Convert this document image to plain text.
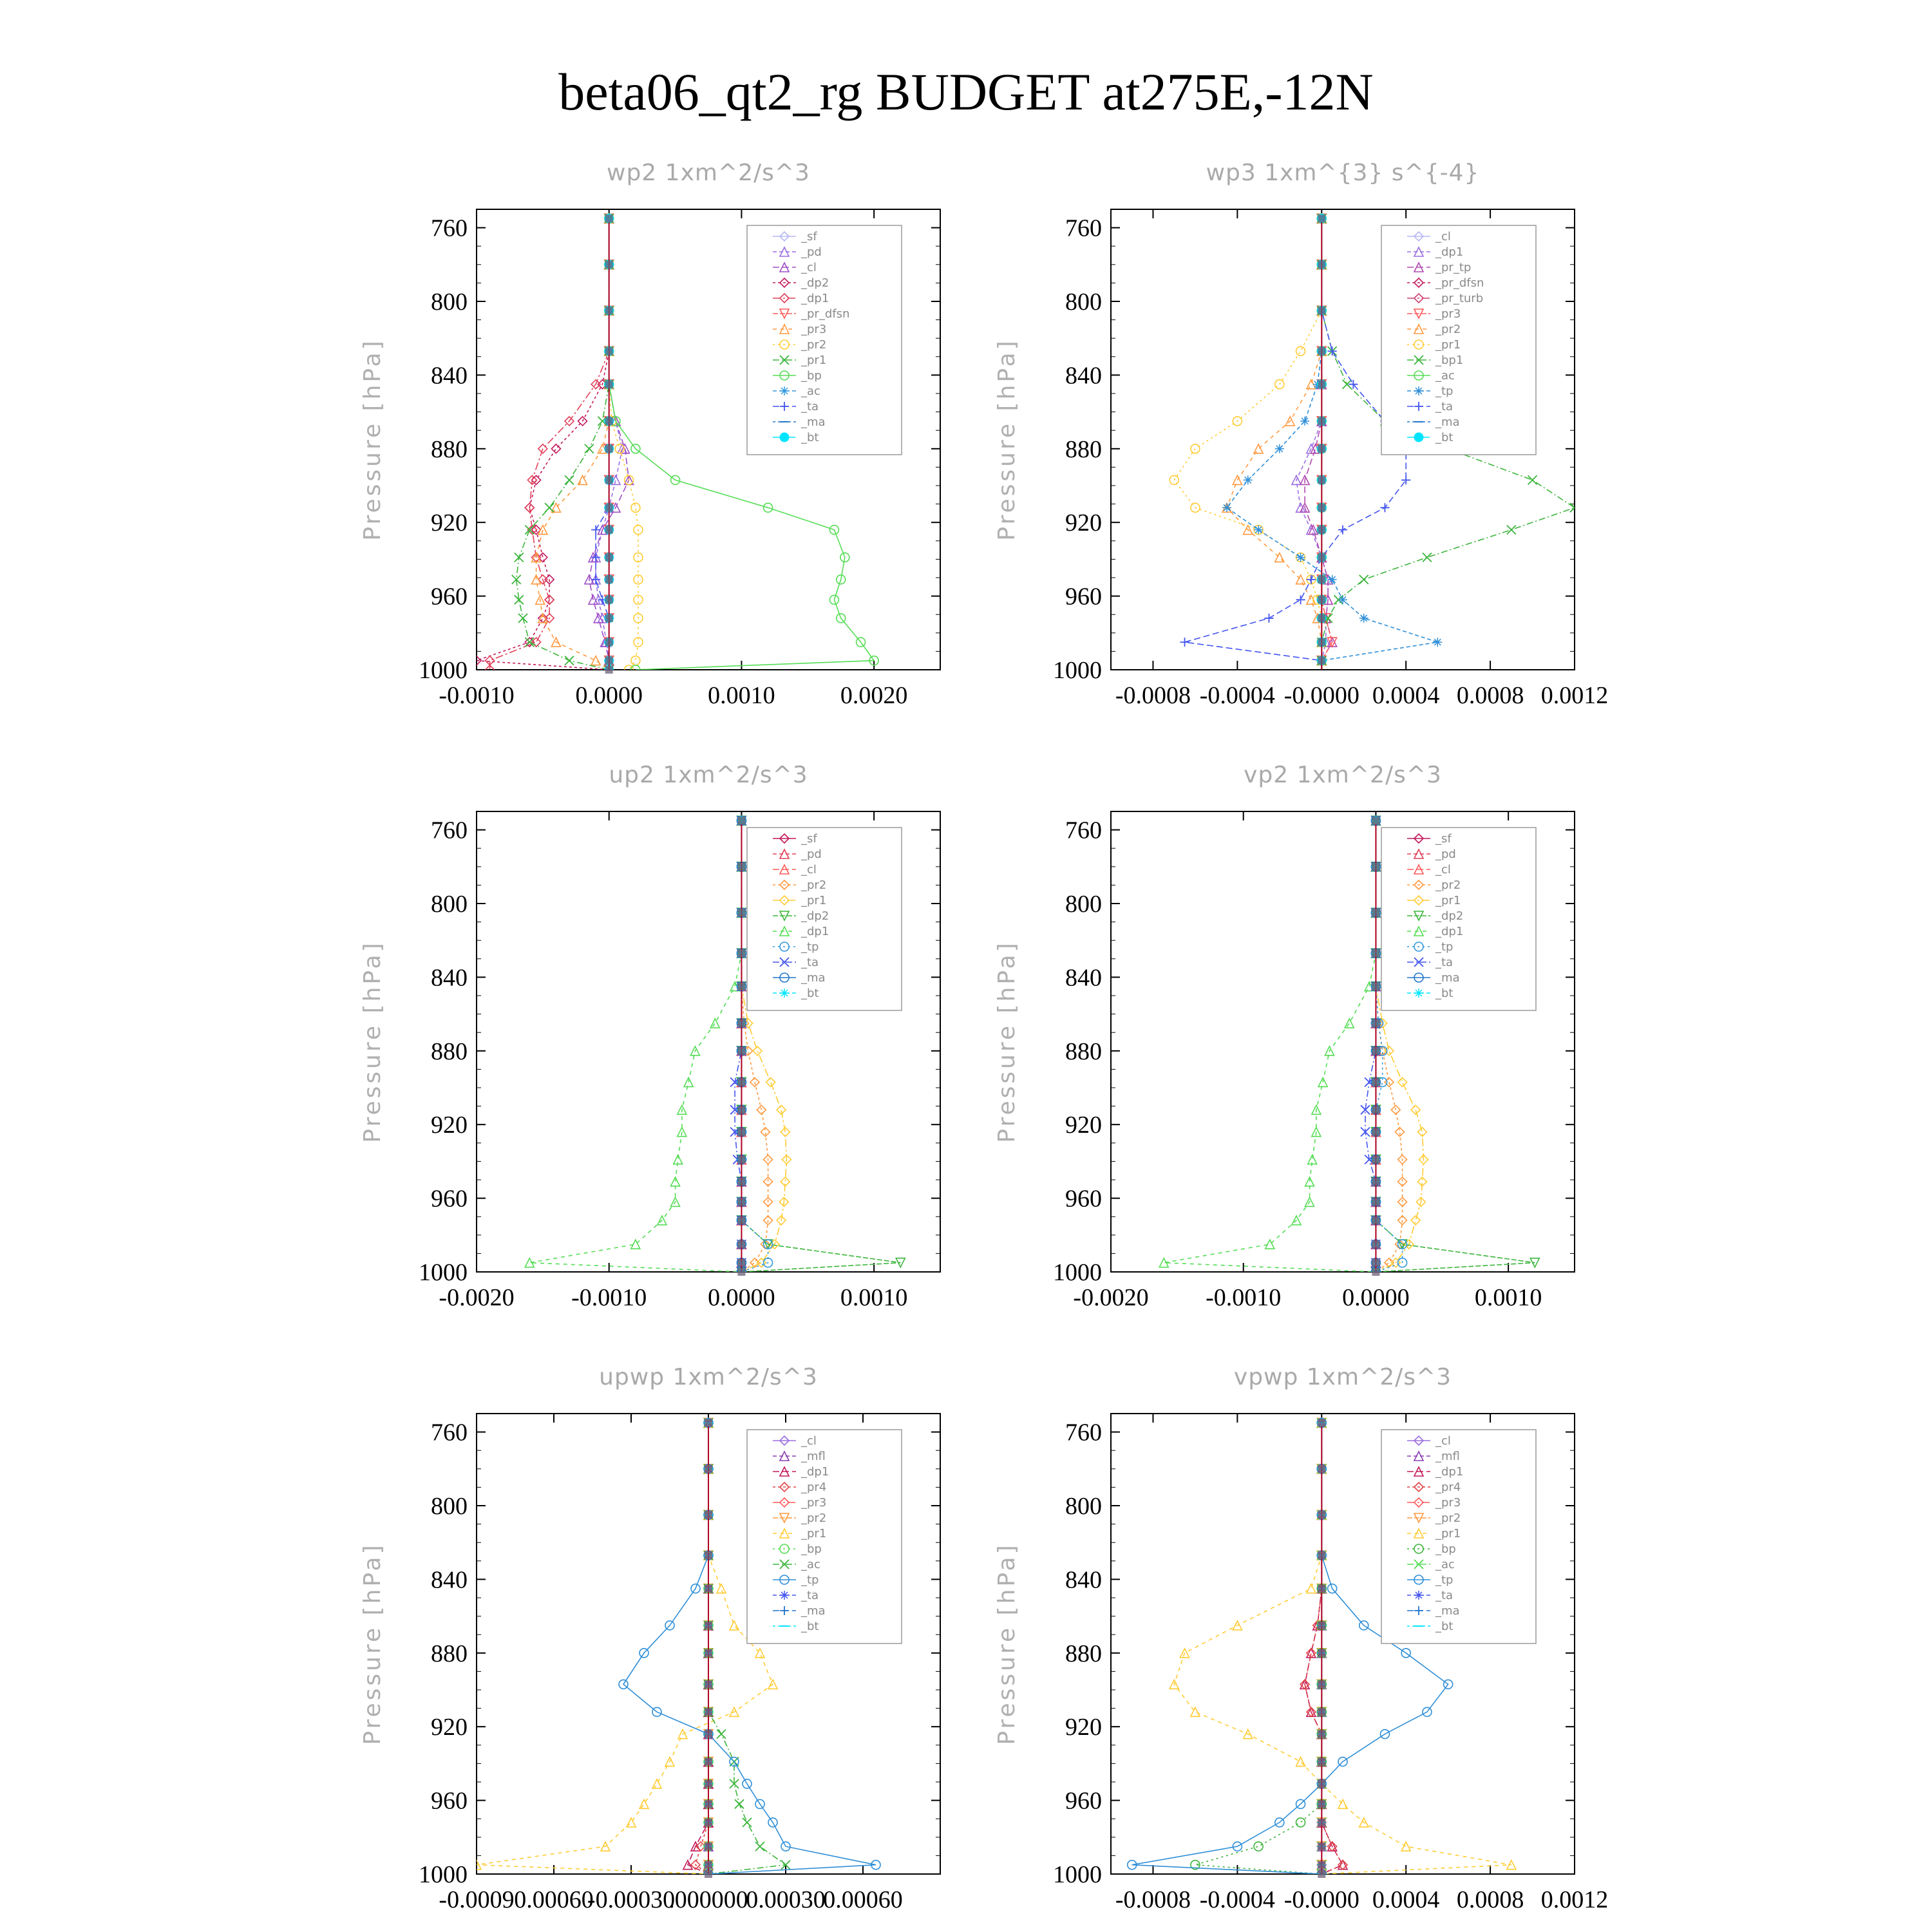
beta06_qt2_rg BUDGET at275E,-12N
wp2 1xm^2/s^3
Pressure [hPa]
760
800
840
880
920
960
1000
-0.0010 0.0000	0.0010	0.0020
_sf
_pd
_cl
_dp2
_dp1
_pr_dfsn
_pr3
_pr2
_pr1
_bp
_ac
_ta
_ma
_bt
wp3 1xm^{3} s^{-4}
Pressure [hPa]
760
800
840
880
920
960
1000
-0.0008 -0.0004 -0.0000 0.0004 0.0008 0.0012
_cl
_dp1
_pr_tp
_pr_dfsn
_pr_turb
_pr3
_pr2
_pr1
_bp1
_ac
_tp
_ta
_ma
_bt
up2 1xm^2/s^3
Pressure [hPa]
760
800
840
880
920
960
1000
-0.0020 -0.0010 0.0000	0.0010
_sf
_pd
_cl
_pr2
_pr1
_dp2
_dp1
_tp
_ta
_ma
_bt
vp2 1xm^2/s^3
Pressure [hPa]
760
800
840
880
920
960
1000
-0.0020 -0.0010 0.0000	0.0010
_sf
_pd
_cl
_pr2
_pr1
_dp2
_dp1
_tp
_ta
_ma
_bt
upwp 1xm^2/s^3
Pressure [hPa]
760
800
840
880
920
960
1000
-0.0009 0.00060
-0.00030
.000000
0.00030
0.00060
_cl
_mfl
_dp1
_pr4
_pr3
_pr2
_pr1
_bp
_ac
_tp
_ta
_ma
_bt
vpwp 1xm^2/s^3
Pressure [hPa]
760
800
840
880
920
960
1000
-0.0008 -0.0004 -0.0000 0.0004 0.0008 0.0012
_cl
_mfl
_dp1
_pr4
_pr3
_pr2
_pr1
_bp
_ac
_tp
_ta
_ma
_bt
